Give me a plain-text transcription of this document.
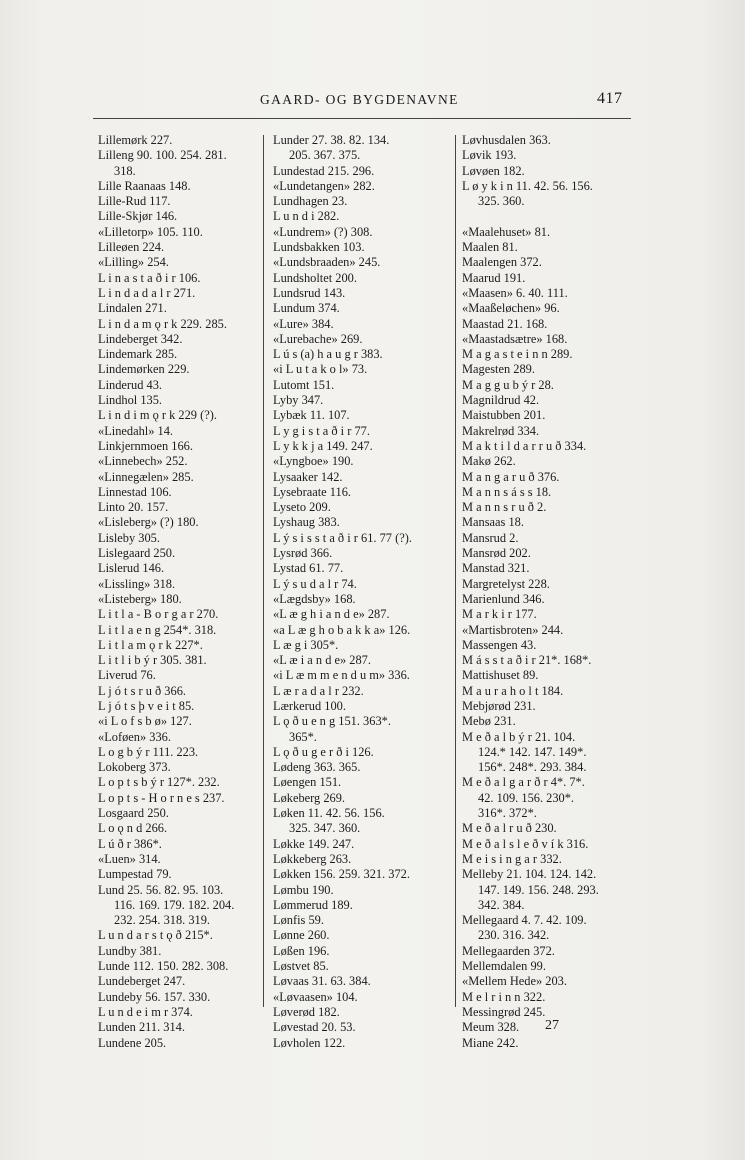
GAARD- OG BYGDENAVNE	417
Lillemørk 227.
Lilleng 90. 100. 254. 281.
318.
Lille Raanaas 148.
Lille-Rud 117.
Lille-Skjør 146.
«Lilletorp» 105. 110.
Lilleøen 224.
«Lilling» 254.
L i n a s t a ð i r 106.
L i n d a d a l r 271.
Lindalen 271.
L i n d a m ǫ r k 229. 285.
Lindeberget 342.
Lindemark 285.
Lindemørken 229.
Linderud 43.
Lindhol 135.
L i n d i m ǫ r k 229 (?).
«Linedahl» 14.
Linkjernmoen 166.
«Linnebech» 252.
«Linnegælen» 285.
Linnestad 106.
Linto 20. 157.
«Lisleberg» (?) 180.
Lisleby 305.
Lislegaard 250.
Lislerud 146.
«Lissling» 318.
«Listeberg» 180.
L i t l a - B o r g a r 270.
L i t l a e n g 254*. 318.
L i t l a m ǫ r k 227*.
L i t l i b ý r 305. 381.
Liverud 76.
L j ó t s r u ð 366.
L j ó t s þ v e i t 85.
«i L o f s b ø» 127.
«Loføen» 336.
L o g b ý r 111. 223.
Lokoberg 373.
L o p t s b ý r 127*. 232.
L o p t s - H o r n e s 237.
Losgaard 250.
L o ǫ n d 266.
L ú ð r 386*.
«Luen» 314.
Lumpestad 79.
Lund 25. 56. 82. 95. 103.
116. 169. 179. 182. 204.
232. 254. 318. 319.
L u n d a r s t ǫ ð 215*.
Lundby 381.
Lunde 112. 150. 282. 308.
Lundeberget 247.
Lundeby 56. 157. 330.
L u n d e i m r 374.
Lunden 211. 314.
Lundene 205.
Lunder 27. 38. 82. 134.
205. 367. 375.
Lundestad 215. 296.
«Lundetangen» 282.
Lundhagen 23.
L u n d i 282.
«Lundrem» (?) 308.
Lundsbakken 103.
«Lundsbraaden» 245.
Lundsholtet 200.
Lundsrud 143.
Lundum 374.
«Lure» 384.
«Lurebache» 269.
L ú s (a) h a u g r 383.
«i L u t a k o l» 73.
Lutomt 151.
Lyby 347.
Lybæk 11. 107.
L y g i s t a ð i r 77.
L y k k j a 149. 247.
«Lyngboe» 190.
Lysaaker 142.
Lysebraate 116.
Lyseto 209.
Lyshaug 383.
L ý s i s s t a ð i r 61. 77 (?).
Lysrød 366.
Lystad 61. 77.
L ý s u d a l r 74.
«Lægdsby» 168.
«L æ g h i a n d e» 287.
«a L æ g h o b a k k a» 126.
L æ g i 305*.
«L æ i a n d e» 287.
«i L æ m m e n d u m» 336.
L æ r a d a l r 232.
Lærkerud 100.
L ǫ ð u e n g 151. 363*.
365*.
L ǫ ð u g e r ð i 126.
Lødeng 363. 365.
Løengen 151.
Løkeberg 269.
Løken 11. 42. 56. 156.
325. 347. 360.
Løkke 149. 247.
Løkkeberg 263.
Løkken 156. 259. 321. 372.
Lømbu 190.
Lømmerud 189.
Lønfis 59.
Lønne 260.
Løßen 196.
Løstvet 85.
Løvaas 31. 63. 384.
«Løvaasen» 104.
Løverød 182.
Løvestad 20. 53.
Løvholen 122.
Løvhusdalen 363.
Løvik 193.
Løvøen 182.
L ø y k i n 11. 42. 56. 156.
325. 360.
«Maalehuset» 81.
Maalen 81.
Maalengen 372.
Maarud 191.
«Maasen» 6. 40. 111.
«Maaßeløchen» 96.
Maastad 21. 168.
«Maastadsætre» 168.
M a g a s t e i n n 289.
Magesten 289.
M a g g u b ý r 28.
Magnildrud 42.
Maistubben 201.
Makrelrød 334.
M a k t i l d a r r u ð 334.
Makø 262.
M a n g a r u ð 376.
M a n n s á s s 18.
M a n n s r u ð 2.
Mansaas 18.
Mansrud 2.
Mansrød 202.
Manstad 321.
Margretelyst 228.
Marienlund 346.
M a r k i r 177.
«Martisbroten» 244.
Massengen 43.
M á s s t a ð i r 21*. 168*.
Mattishuset 89.
M a u r a h o l t 184.
Mebjørød 231.
Mebø 231.
M e ð a l b ý r 21. 104.
124.* 142. 147. 149*.
156*. 248*. 293. 384.
M e ð a l g a r ð r 4*. 7*.
42. 109. 156. 230*.
316*. 372*.
M e ð a l r u ð 230.
M e ð a l s l e ð v í k 316.
M e i s i n g a r 332.
Melleby 21. 104. 124. 142.
147. 149. 156. 248. 293.
342. 384.
Mellegaard 4. 7. 42. 109.
230. 316. 342.
Mellegaarden 372.
Mellemdalen 99.
«Mellem Hede» 203.
M e l r i n n 322.
Messingrød 245.
Meum 328.
Miane 242.
27
